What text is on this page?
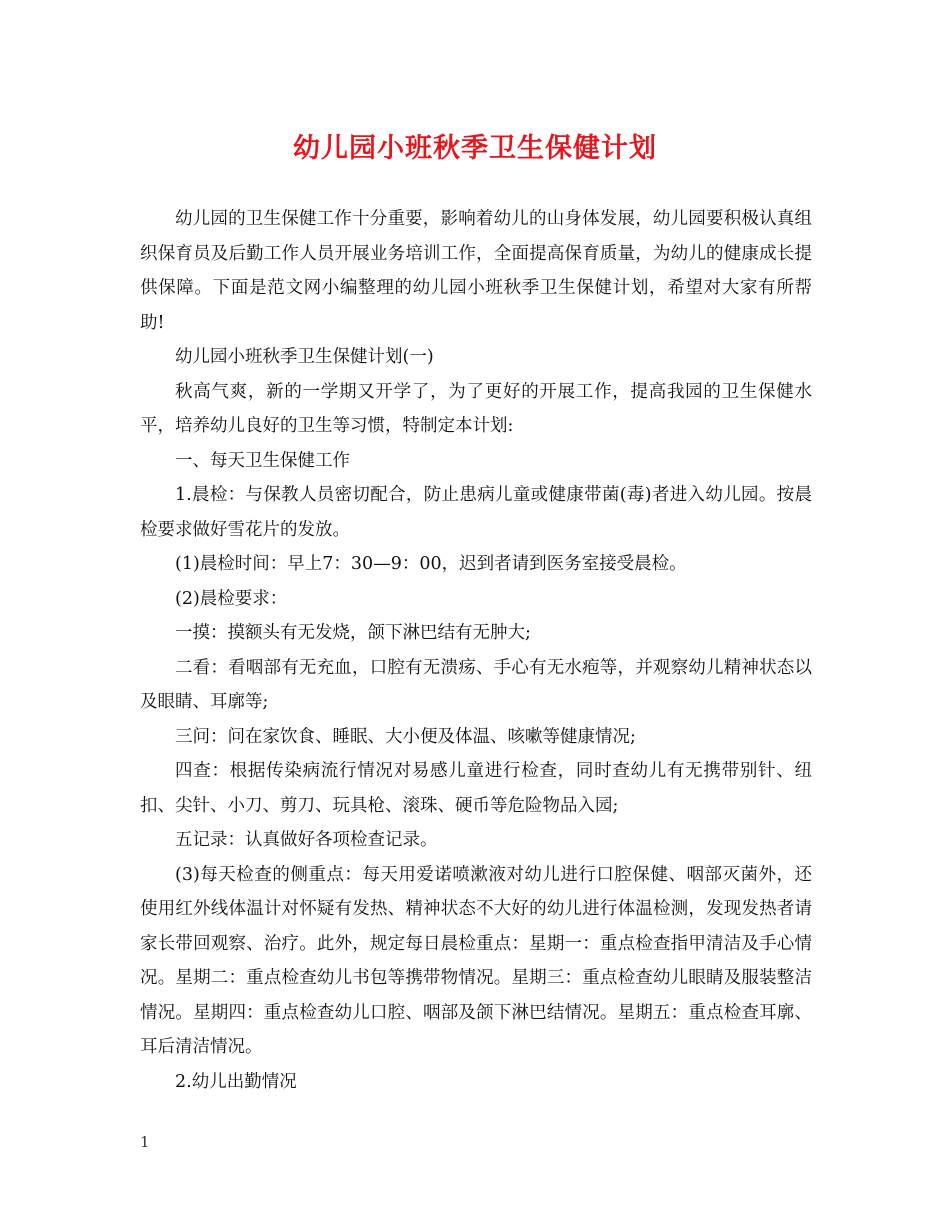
幼儿园小班秋季卫生保健计划

幼儿园的卫生保健工作十分重要，影响着幼儿的山身体发展，幼儿园要积极认真组织保育员及后勤工作人员开展业务培训工作，全面提高保育质量，为幼儿的健康成长提供保障。下面是范文网小编整理的幼儿园小班秋季卫生保健计划，希望对大家有所帮助!

幼儿园小班秋季卫生保健计划(一)

秋高气爽，新的一学期又开学了，为了更好的开展工作，提高我园的卫生保健水平，培养幼儿良好的卫生等习惯，特制定本计划:

一、每天卫生保健工作

1.晨检：与保教人员密切配合，防止患病儿童或健康带菌(毒)者进入幼儿园。按晨检要求做好雪花片的发放。

(1)晨检时间：早上7：30—9：00，迟到者请到医务室接受晨检。

(2)晨检要求：

一摸：摸额头有无发烧，颌下淋巴结有无肿大;

二看：看咽部有无充血，口腔有无溃疡、手心有无水疱等，并观察幼儿精神状态以及眼睛、耳廓等;

三问：问在家饮食、睡眠、大小便及体温、咳嗽等健康情况;

四查：根据传染病流行情况对易感儿童进行检查，同时查幼儿有无携带别针、纽扣、尖针、小刀、剪刀、玩具枪、滚珠、硬币等危险物品入园;

五记录：认真做好各项检查记录。

(3)每天检查的侧重点：每天用爱诺喷漱液对幼儿进行口腔保健、咽部灭菌外，还使用红外线体温计对怀疑有发热、精神状态不大好的幼儿进行体温检测，发现发热者请家长带回观察、治疗。此外，规定每日晨检重点：星期一：重点检查指甲清洁及手心情况。星期二：重点检查幼儿书包等携带物情况。星期三：重点检查幼儿眼睛及服装整洁情况。星期四：重点检查幼儿口腔、咽部及颌下淋巴结情况。星期五：重点检查耳廓、耳后清洁情况。

2.幼儿出勤情况

1
